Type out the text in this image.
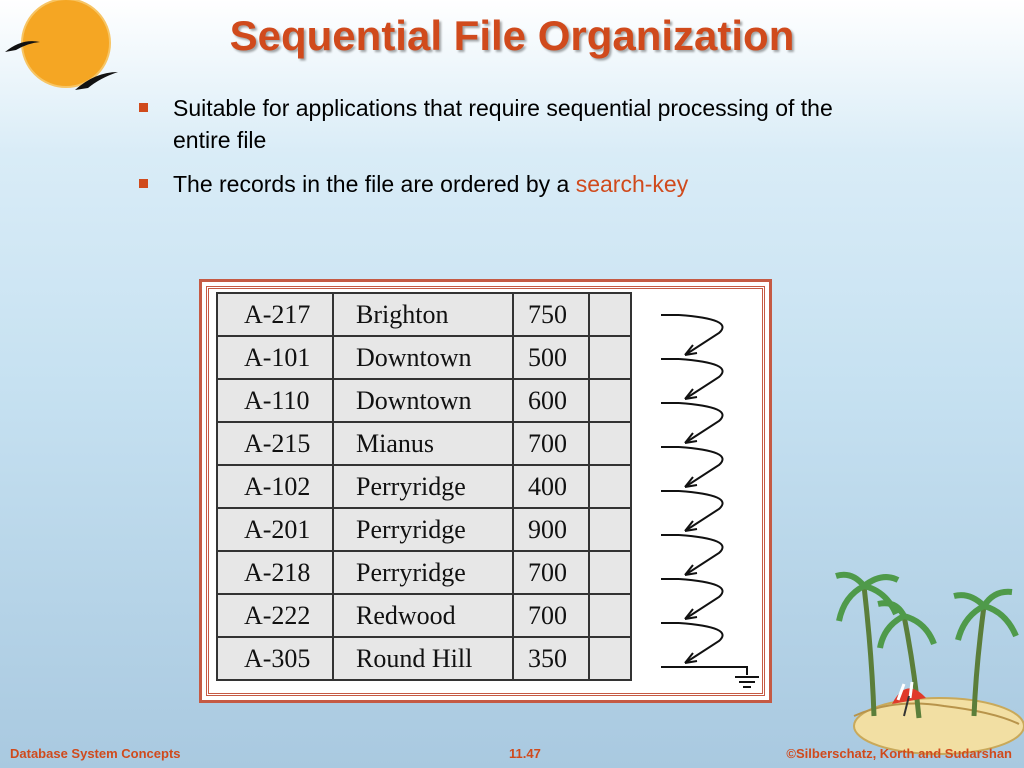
Sequential File Organization
Suitable for applications that require sequential processing of the entire file
The records in the file are ordered by a search-key
A-217	Brighton	750	
A-101	Downtown	500	
A-110	Downtown	600	
A-215	Mianus	700	
A-102	Perryridge	400	
A-201	Perryridge	900	
A-218	Perryridge	700	
A-222	Redwood	700	
A-305	Round Hill	350	
Database System Concepts	11.47	©Silberschatz, Korth and Sudarshan
